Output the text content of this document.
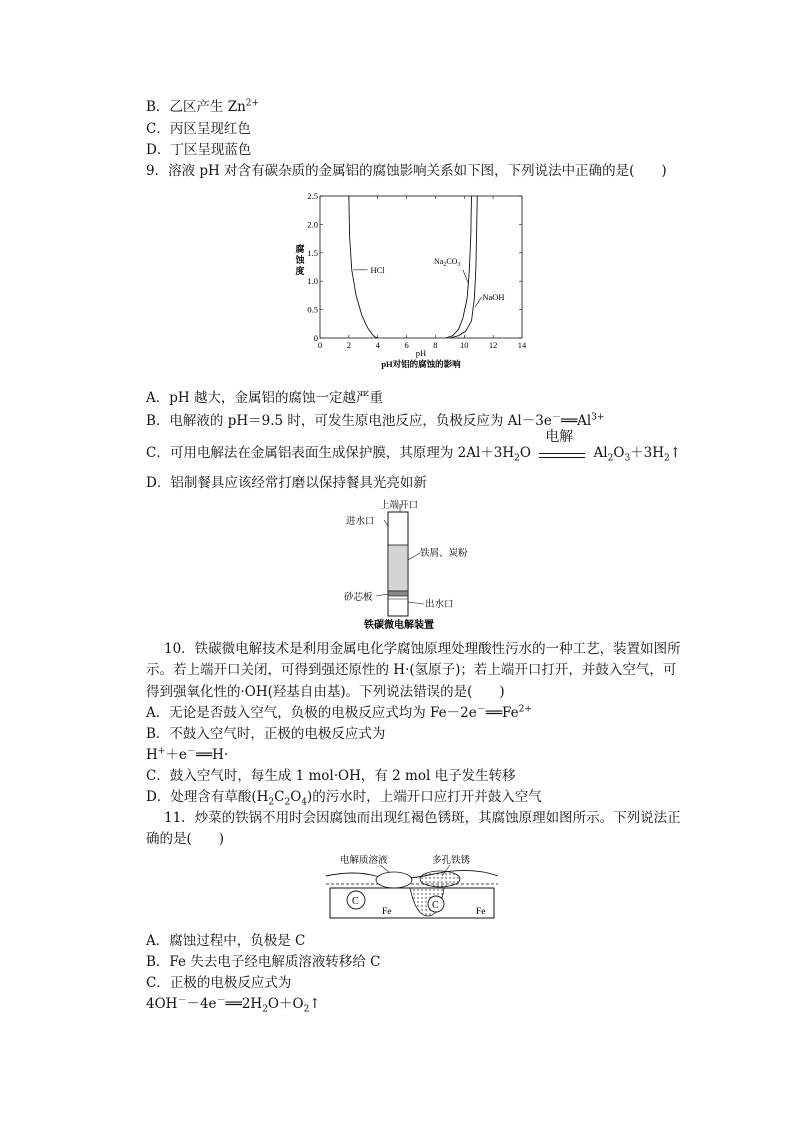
B．乙区产生 $Zn^{2+}$
C．丙区呈现红色
D．丁区呈现蓝色
9．溶液 pH 对含有碳杂质的金属铝的腐蚀影响关系如下图，下列说法中正确的是(　　)
0	2	4	6	8	10 12 14
0
0.5
1.0
1.5
2.0
2.5
pH
pH对铝的腐蚀的影响
腐
蚀
度	HCl
$Na_2CO_3$
NaOH
A．pH 越大，金属铝的腐蚀一定越严重
B．电解液的 pH＝9.5 时，可发生原电池反应，负极反应为 $Al-3e^-══Al^{3+}$
C．可用电解法在金属铝表面生成保护膜，其原理为 $2Al+3H_2O$
电解
$Al_2O_3+3H_2↑$
D．铝制餐具应该经常打磨以保持餐具光亮如新
上端开口
进水口
铁屑、炭粉
砂芯板
出水口
铁碳微电解装置
10．铁碳微电解技术是利用金属电化学腐蚀原理处理酸性污水的一种工艺，装置如图所
示。若上端开口关闭，可得到强还原性的 H·(氢原子)；若上端开口打开，并鼓入空气，可
得到强氧化性的·OH(羟基自由基)。下列说法错误的是(　　)
A．无论是否鼓入空气，负极的电极反应式均为 $Fe-2e^-══Fe^{2+}$
B．不鼓入空气时，正极的电极反应式为
H+＋e－══H·
C．鼓入空气时，每生成 1 mol·OH，有 2 mol 电子发生转移
D．处理含有草酸$(H_2C_2O_4)$的污水时，上端开口应打开并鼓入空气
11．炒菜的铁锅不用时会因腐蚀而出现红褐色锈斑，其腐蚀原理如图所示。下列说法正
确的是(　　)
电解质溶液	多孔铁锈
C	C
Fe	Fe
A．腐蚀过程中，负极是 C
B．Fe 失去电子经电解质溶液转移给 C
C．正极的电极反应式为
$4OH^--4e^-══2H_2O+O_2↑$
